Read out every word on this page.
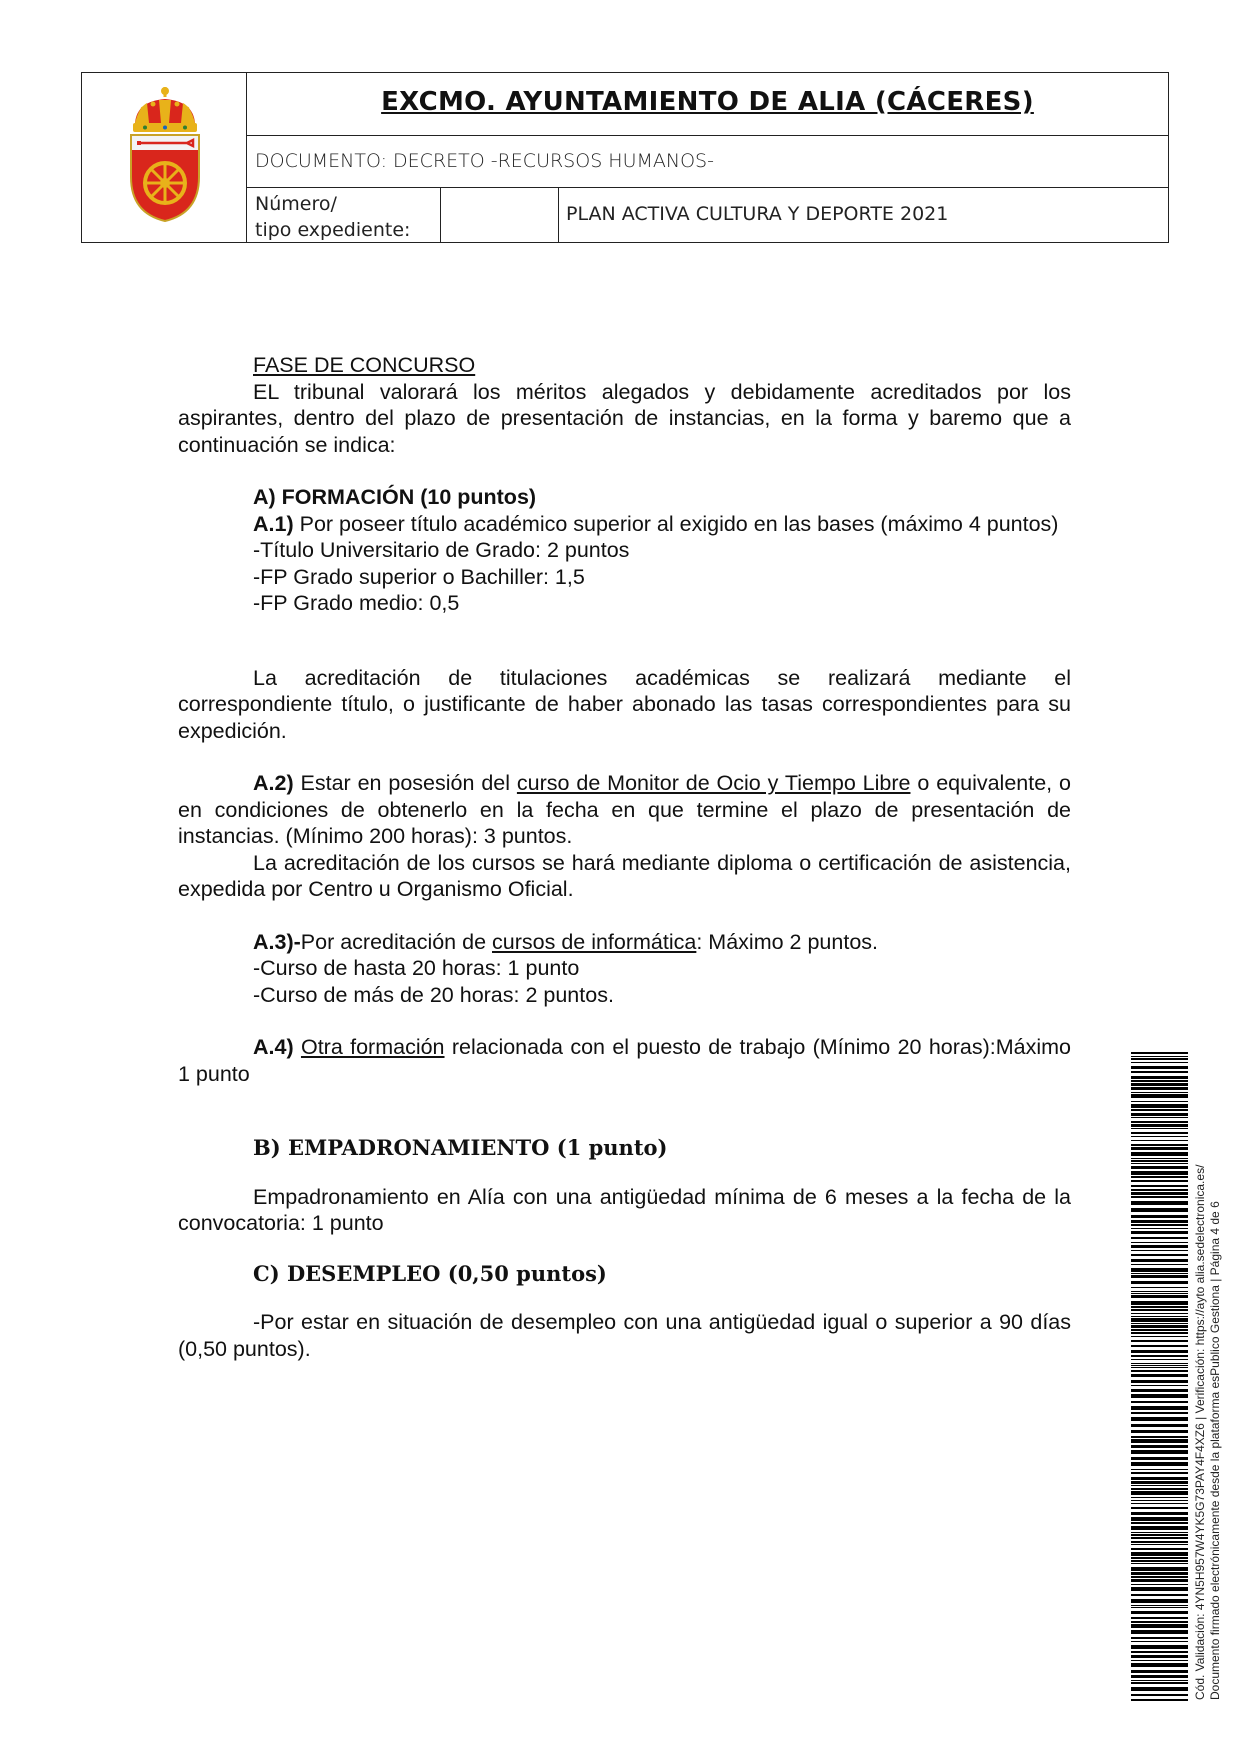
EXCMO. AYUNTAMIENTO DE ALIA (CÁCERES)
DOCUMENTO: DECRETO -RECURSOS HUMANOS-
Número/
tipo expediente:
PLAN ACTIVA CULTURA Y DEPORTE 2021

FASE DE CONCURSO

EL tribunal valorará los méritos alegados y debidamente acreditados por los aspirantes, dentro del plazo de presentación de instancias, en la forma y baremo que a continuación se indica:

A) FORMACIÓN (10 puntos)

A.1) Por poseer título académico superior al exigido en las bases (máximo 4 puntos)

-Título Universitario de Grado: 2 puntos

-FP Grado superior o Bachiller: 1,5

-FP Grado medio: 0,5

La acreditación de titulaciones académicas se realizará mediante el correspondiente título, o justificante de haber abonado las tasas correspondientes para su expedición.

A.2) Estar en posesión del curso de Monitor de Ocio y Tiempo Libre o equivalente, o en condiciones de obtenerlo en la fecha en que termine el plazo de presentación de instancias. (Mínimo 200 horas): 3 puntos.

La acreditación de los cursos se hará mediante diploma o certificación de asistencia, expedida por Centro u Organismo Oficial.

A.3)-Por acreditación de cursos de informática: Máximo 2 puntos.

-Curso de hasta 20 horas: 1 punto

-Curso de más de 20 horas: 2 puntos.

A.4) Otra formación relacionada con el puesto de trabajo (Mínimo 20 horas):Máximo 1 punto

B) EMPADRONAMIENTO (1 punto)

Empadronamiento en Alía con una antigüedad mínima de 6 meses a la fecha de la convocatoria: 1 punto

C) DESEMPLEO (0,50 puntos)

-Por estar en situación de desempleo con una antigüedad igual o superior a 90 días (0,50 puntos).	Cód. Validación: 4YN5H957W4YK5G73PAY4F4XZ6 | Verificación: https://ayto alia.sedelectronica.es/ Documento firmado electrónicamente desde la plataforma esPublico Gestiona | Página 4 de 6
